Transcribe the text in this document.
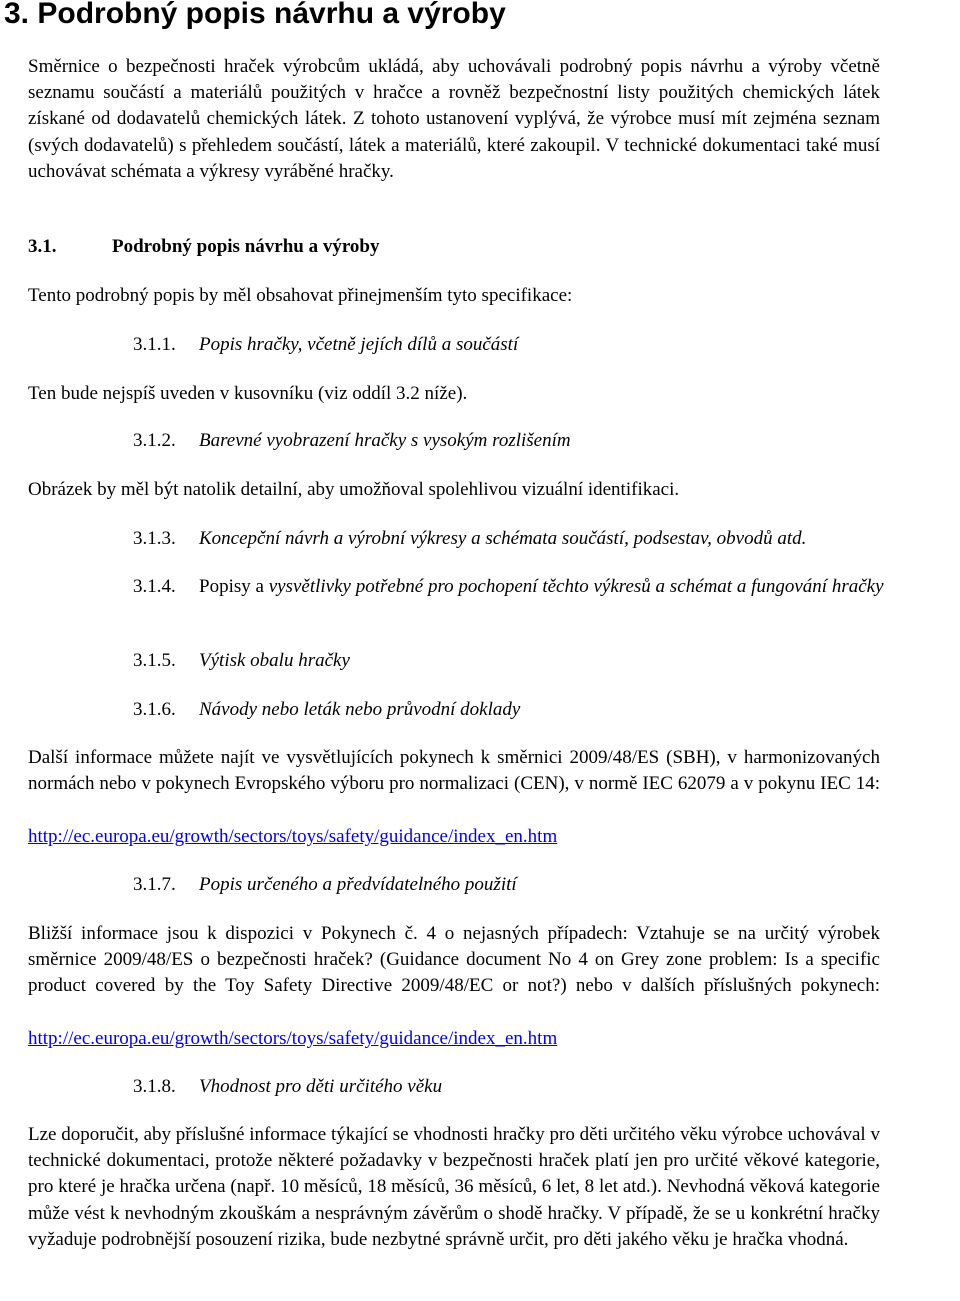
3. Podrobný popis návrhu a výroby

Směrnice o bezpečnosti hraček výrobcům ukládá, aby uchovávali podrobný popis návrhu a výroby včetně seznamu součástí a materiálů použitých v hračce a rovněž bezpečnostní listy použitých chemických látek získané od dodavatelů chemických látek. Z tohoto ustanovení vyplývá, že výrobce musí mít zejména seznam (svých dodavatelů) s přehledem součástí, látek a materiálů, které zakoupil. V technické dokumentaci také musí uchovávat schémata a výkresy vyráběné hračky.

3.1.	Podrobný popis návrhu a výroby

Tento podrobný popis by měl obsahovat přinejmenším tyto specifikace:

3.1.1. Popis hračky, včetně jejích dílů a součástí

Ten bude nejspíš uveden v kusovníku (viz oddíl 3.2 níže).

3.1.2. Barevné vyobrazení hračky s vysokým rozlišením

Obrázek by měl být natolik detailní, aby umožňoval spolehlivou vizuální identifikaci.

3.1.3. Koncepční návrh a výrobní výkresy a schémata součástí, podsestav, obvodů atd.
3.1.4. Popisy a vysvětlivky potřebné pro pochopení těchto výkresů a schémat a fungování hračky
3.1.5. Výtisk obalu hračky
3.1.6. Návody nebo leták nebo průvodní doklady

Další informace můžete najít ve vysvětlujících pokynech k směrnici 2009/48/ES (SBH), v harmonizovaných normách nebo v pokynech Evropského výboru pro normalizaci (CEN), v normě IEC 62079 a v pokynu IEC 14:

http://ec.europa.eu/growth/sectors/toys/safety/guidance/index_en.htm

3.1.7. Popis určeného a předvídatelného použití

Bližší informace jsou k dispozici v Pokynech č. 4 o nejasných případech: Vztahuje se na určitý výrobek směrnice 2009/48/ES o bezpečnosti hraček? (Guidance document No 4 on Grey zone problem: Is a specific product covered by the Toy Safety Directive 2009/48/EC or not?) nebo v dalších příslušných pokynech:

http://ec.europa.eu/growth/sectors/toys/safety/guidance/index_en.htm

3.1.8. Vhodnost pro děti určitého věku

Lze doporučit, aby příslušné informace týkající se vhodnosti hračky pro děti určitého věku výrobce uchovával v technické dokumentaci, protože některé požadavky v bezpečnosti hraček platí jen pro určité věkové kategorie, pro které je hračka určena (např. 10 měsíců, 18 měsíců, 36 měsíců, 6 let, 8 let atd.). Nevhodná věková kategorie může vést k nevhodným zkouškám a nesprávným závěrům o shodě hračky. V případě, že se u konkrétní hračky vyžaduje podrobnější posouzení rizika, bude nezbytné správně určit, pro děti jakého věku je hračka vhodná.
